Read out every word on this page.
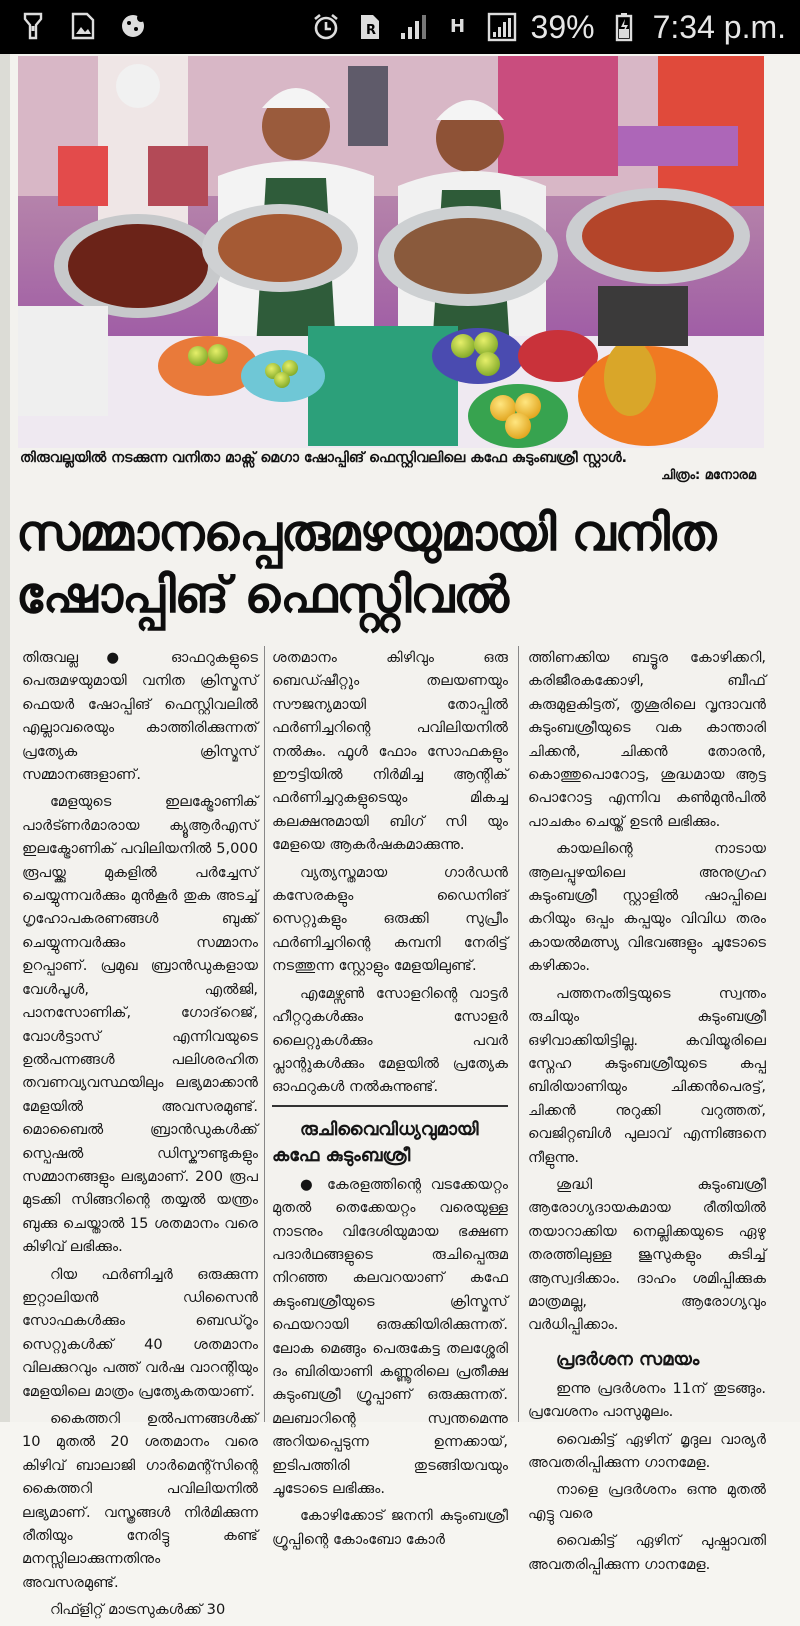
R	H 39% 7:34 p.m.
തിരുവല്ലയിൽ നടക്കുന്ന വനിതാ മാക്സ് മെഗാ ഷോപ്പിങ് ഫെസ്റ്റിവലിലെ കഫേ കുടുംബശ്രീ സ്റ്റാൾ.
ചിത്രം: മനോരമ
സമ്മാനപ്പെരുമഴയുമായി വനിത ഷോപ്പിങ് ഫെസ്റ്റിവൽ

തിരുവല്ല ● ഓഫറുകളുടെ പെരുമഴയുമായി വനിത ക്രിസ്മസ് ഫെയർ ഷോപ്പിങ് ഫെസ്റ്റിവലിൽ എല്ലാവരെയും കാത്തിരിക്കുന്നത് പ്രത്യേക ക്രിസ്മസ് സമ്മാനങ്ങളാണ്.

മേളയുടെ ഇലക്ട്രോണിക് പാർട്ണർമാരായ ക്യൂആർഎസ് ഇലക്ട്രോണിക് പവിലിയനിൽ 5,000 രൂപയ്ക്കു മുകളിൽ പർച്ചേസ് ചെയ്യുന്നവർക്കും മുൻകൂർ തുക അടച്ച് ഗൃഹോപകരണങ്ങൾ ബുക്ക് ചെയ്യുന്നവർക്കും സമ്മാനം ഉറപ്പാണ്. പ്രമുഖ ബ്രാൻഡുകളായ വേൾപൂൾ, എൽജി, പാനസോണിക്, ഗോദ്‌റെജ്, വോൾട്ടാസ് എന്നിവയുടെ ഉൽപന്നങ്ങൾ പലിശരഹിത തവണവ്യവസ്ഥയിലും ലഭ്യമാക്കാൻ മേളയിൽ അവസരമുണ്ട്. മൊബൈൽ ബ്രാൻഡുകൾക്ക് സ്പെഷൽ ഡിസ്കൗണ്ടുകളും സമ്മാനങ്ങളും ലഭ്യമാണ്. 200 രൂപ മുടക്കി സിങ്ങറിന്റെ തയ്യൽ യന്ത്രം ബുക്കു ചെയ്താൽ 15 ശതമാനം വരെ കിഴിവ് ലഭിക്കും.

റിയ ഫർണിച്ചർ ഒരുക്കുന്ന ഇറ്റാലിയൻ ഡിസൈൻ സോഫകൾക്കും ബെഡ്റൂം സെറ്റുകൾക്ക് 40 ശതമാനം വിലക്കുറവും പത്ത് വർഷ വാറന്റിയും മേളയിലെ മാത്രം പ്രത്യേകതയാണ്.

കൈത്തറി ഉൽപന്നങ്ങൾക്ക് 10 മുതൽ 20 ശതമാനം വരെ കിഴിവ് ബാലാജി ഗാർമെന്റ്സിന്റെ കൈത്തറി പവിലിയനിൽ ലഭ്യമാണ്. വസ്ത്രങ്ങൾ നിർമിക്കുന്ന രീതിയും നേരിട്ടു കണ്ട് മനസ്സിലാക്കുന്നതിനും അവസരമുണ്ട്.

റിഫ്ളിറ്റ് മാട്രസുകൾക്ക് 30

ശതമാനം കിഴിവും ഒരു ബെഡ്ഷീറ്റും തലയണയും സൗജന്യമായി തോപ്പിൽ ഫർണിച്ചറിന്റെ പവിലിയനിൽ നൽകും. ഫൂൾ ഫോം സോഫകളും ഈട്ടിയിൽ നിർമിച്ച ആന്റിക് ഫർണിച്ചറുകളുടെയും മികച്ച കലക്ഷനുമായി ബിഗ് സി യും മേളയെ ആകർഷകമാക്കുന്നു.

വ്യത്യസ്തമായ ഗാർഡൻ കസേരകളും ഡൈനിങ് സെറ്റുകളും ഒരുക്കി സുപ്രീം ഫർണിച്ചറിന്റെ കമ്പനി നേരിട്ട് നടത്തുന്ന സ്റ്റോളും മേളയിലുണ്ട്.

എമേഴ്സൺ സോളറിന്റെ വാട്ടർ ഹീറ്ററുകൾക്കും സോളർ ലൈറ്റുകൾക്കും പവർ പ്ലാന്റുകൾക്കും മേളയിൽ പ്രത്യേക ഓഫറുകൾ നൽകുന്നുണ്ട്.

രുചിവൈവിധ്യവുമായി കഫേ കുടുംബശ്രീ

● കേരളത്തിന്റെ വടക്കേയറ്റം മുതൽ തെക്കേയറ്റം വരെയുള്ള നാടനും വിദേശിയുമായ ഭക്ഷണ പദാർഥങ്ങളുടെ രുചിപ്പെരുമ നിറഞ്ഞ കലവറയാണ് കഫേ കുടുംബശ്രീയുടെ ക്രിസ്മസ് ഫെയറായി ഒരുക്കിയിരിക്കുന്നത്. ലോക മെങ്ങും പെരുകേട്ട തലശ്ശേരി ദം ബിരിയാണി കണ്ണൂരിലെ പ്രതീക്ഷ കുടുംബശ്രീ ഗ്രൂപ്പാണ് ഒരുക്കുന്നത്. മലബാറിന്റെ സ്വന്തമെന്നു അറിയപ്പെടുന്ന ഉന്നക്കായ്, ഇടിപത്തിരി തുടങ്ങിയവയും ചൂടോടെ ലഭിക്കും.

കോഴിക്കോട് ജനനി കുടുംബശ്രീ ഗ്രൂപ്പിന്റെ കോംബോ കോർ

ത്തിണക്കിയ ബട്ടൂര കോഴിക്കറി, കരിജീരകക്കോഴി, ബീഫ് കുരുമുളകിട്ടത്, തൃശൂരിലെ വൃന്ദാവൻ കുടുംബശ്രീയുടെ വക കാന്താരി ചിക്കൻ, ചിക്കൻ തോരൻ, കൊത്തുപൊറോട്ട, ശുദ്ധമായ ആട്ട പൊറോട്ട എന്നിവ കൺമുൻപിൽ പാചകം ചെയ്ത് ഉടൻ ലഭിക്കും.

കായലിന്റെ നാടായ ആലപ്പുഴയിലെ അനുഗ്രഹ കുടുംബശ്രീ സ്റ്റാളിൽ ഷാപ്പിലെ കറിയും ഒപ്പം കപ്പയും വിവിധ തരം കായൽമത്സ്യ വിഭവങ്ങളും ചൂടോടെ കഴിക്കാം.

പത്തനംതിട്ടയുടെ സ്വന്തം രുചിയും കുടുംബശ്രീ ഒഴിവാക്കിയിട്ടില്ല. കവിയൂരിലെ സ്നേഹ കുടുംബശ്രീയുടെ കപ്പ ബിരിയാണിയും ചിക്കൻപെരട്ട്, ചിക്കൻ നുറുക്കി വറുത്തത്, വെജിറ്റബിൾ പുലാവ് എന്നിങ്ങനെ നീളുന്നു.

ശുദ്ധി കുടുംബശ്രീ ആരോഗ്യദായകമായ രീതിയിൽ തയാറാക്കിയ നെല്ലിക്കയുടെ ഏഴു തരത്തിലുള്ള ജൂസുകളും കുടിച്ച് ആസ്വദിക്കാം. ദാഹം ശമിപ്പിക്കുക മാത്രമല്ല, ആരോഗ്യവും വർധിപ്പിക്കാം.

പ്രദർശന സമയം

ഇന്നു പ്രദർശനം 11ന് തുടങ്ങും. പ്രവേശനം പാസുമൂലം.

വൈകിട്ട് ഏഴിന് മൃദുല വാര്യർ അവതരിപ്പിക്കുന്ന ഗാനമേള.

നാളെ പ്രദർശനം ഒന്നു മുതൽ എട്ടു വരെ

വൈകിട്ട് ഏഴിന് പുഷ്പാവതി അവതരിപ്പിക്കുന്ന ഗാനമേള.
